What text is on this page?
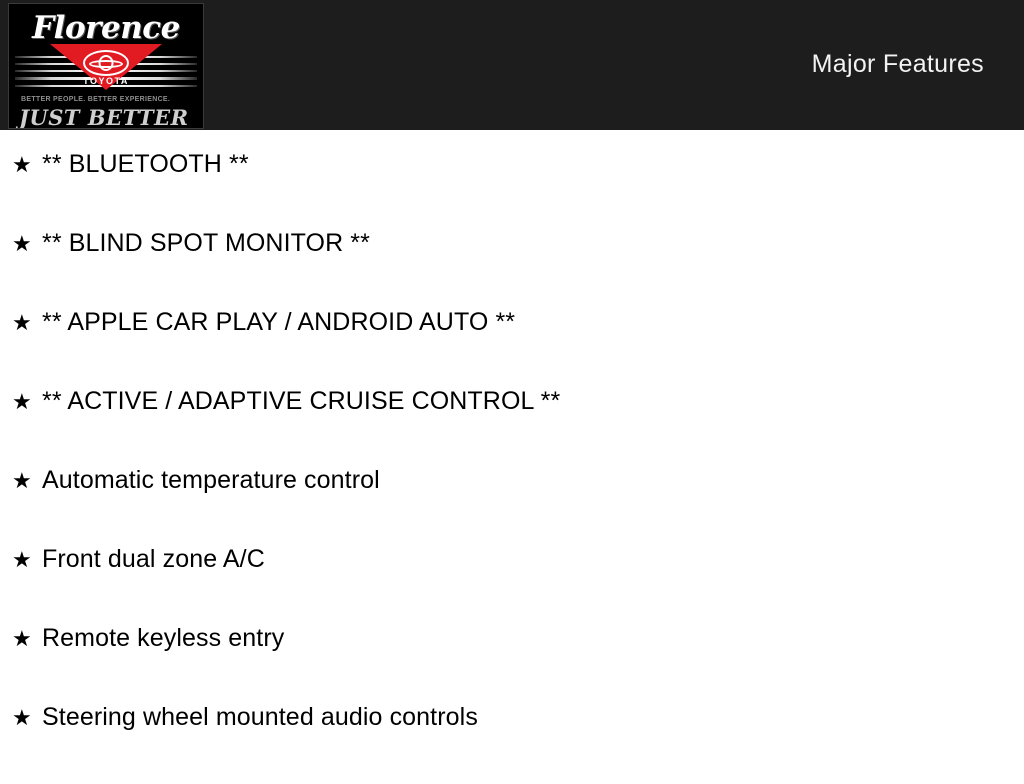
Florence
TOYOTA
BETTER PEOPLE. BETTER EXPERIENCE.
JUST BETTER
Major Features
★ ** BLUETOOTH **
★ ** BLIND SPOT MONITOR **
★ ** APPLE CAR PLAY / ANDROID AUTO **
★ ** ACTIVE / ADAPTIVE CRUISE CONTROL **
★ Automatic temperature control
★ Front dual zone A/C
★ Remote keyless entry
★ Steering wheel mounted audio controls
